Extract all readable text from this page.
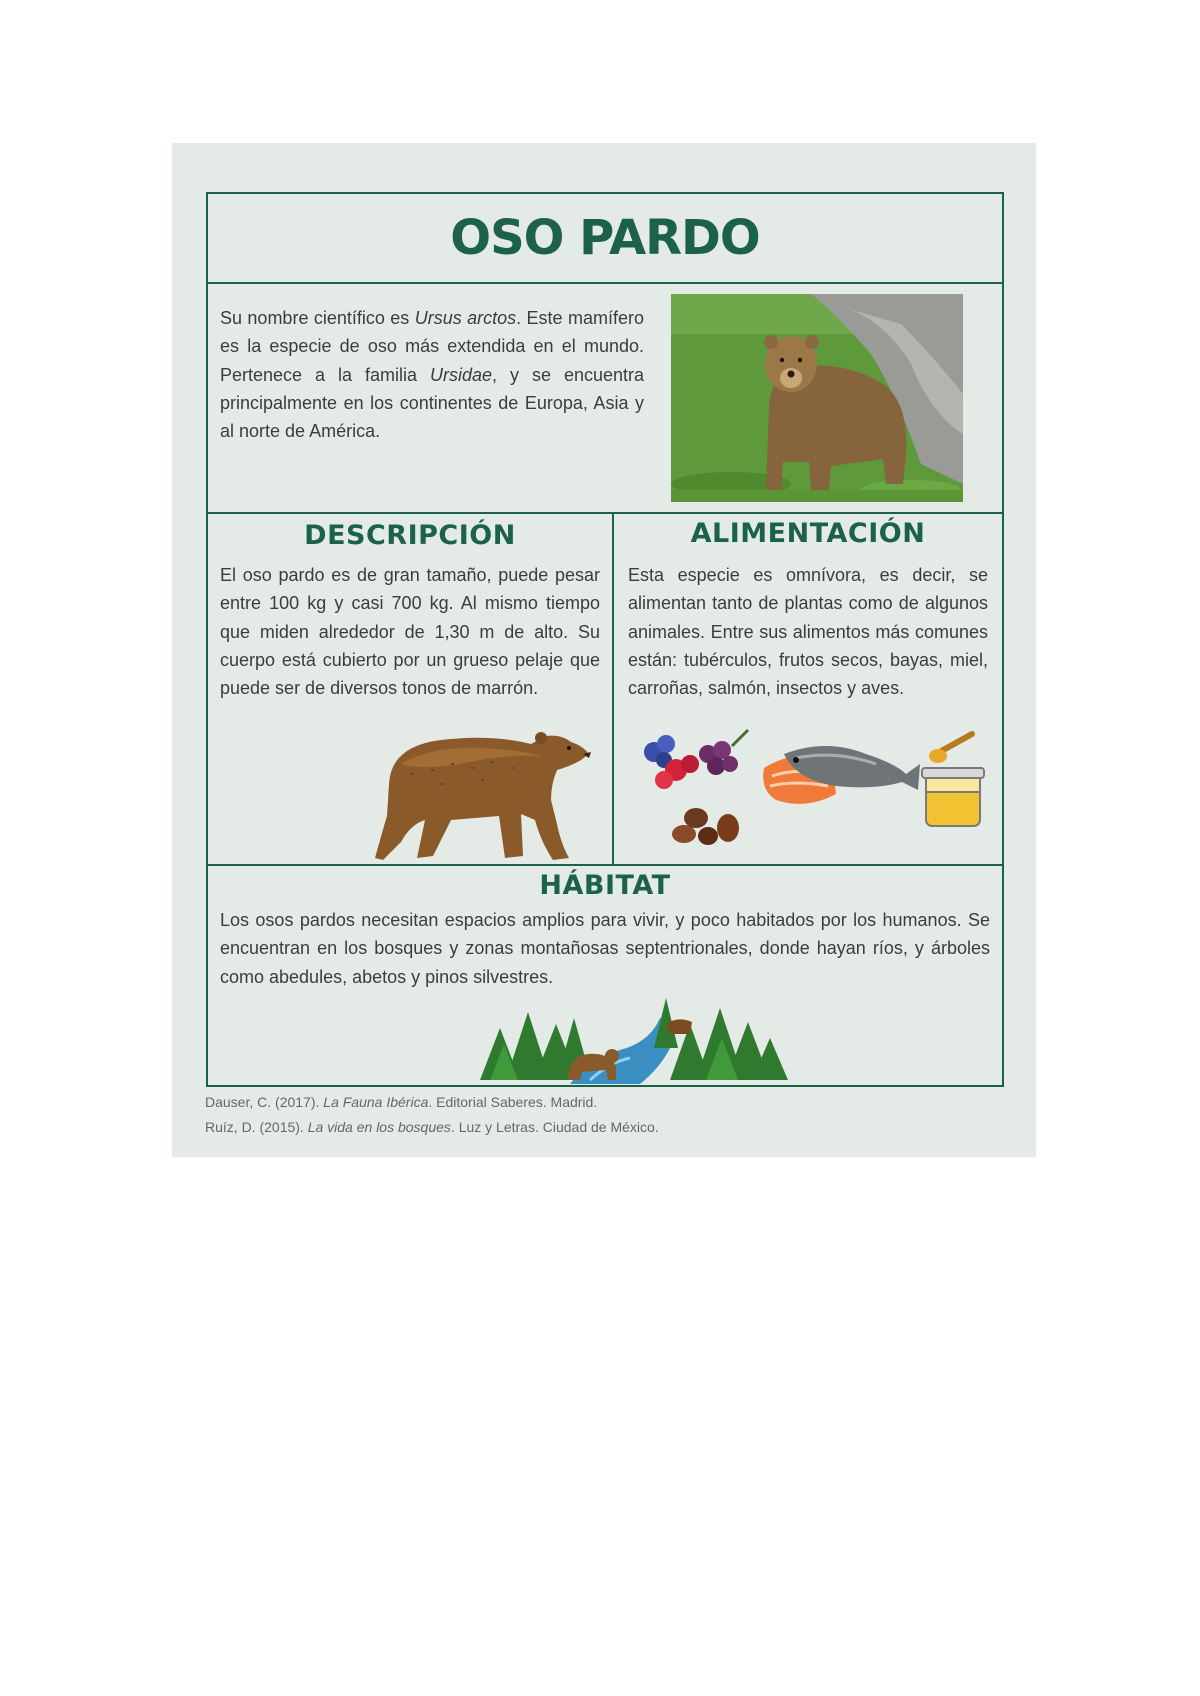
OSO PARDO

Su nombre científico es Ursus arctos. Este mamífero es la especie de oso más extendida en el mundo. Pertenece a la familia Ursidae, y se encuentra principalmente en los continentes de Europa, Asia y al norte de América.

DESCRIPCIÓN

El oso pardo es de gran tamaño, puede pesar entre 100 kg y casi 700 kg. Al mismo tiempo que miden alrededor de 1,30 m de alto. Su cuerpo está cubierto por un grueso pelaje que puede ser de diversos tonos de marrón.

ALIMENTACIÓN

Esta especie es omnívora, es decir, se alimentan tanto de plantas como de algunos animales. Entre sus alimentos más comunes están: tubérculos, frutos secos, bayas, miel, carroñas, salmón, insectos y aves.

HÁBITAT

Los osos pardos necesitan espacios amplios para vivir, y poco habitados por los humanos. Se encuentran en los bosques y zonas montañosas septentrionales, donde hayan ríos, y árboles como abedules, abetos y pinos silvestres.

Dauser, C. (2017). La Fauna Ibérica. Editorial Saberes. Madrid.
Ruíz, D. (2015). La vida en los bosques. Luz y Letras. Ciudad de México.
